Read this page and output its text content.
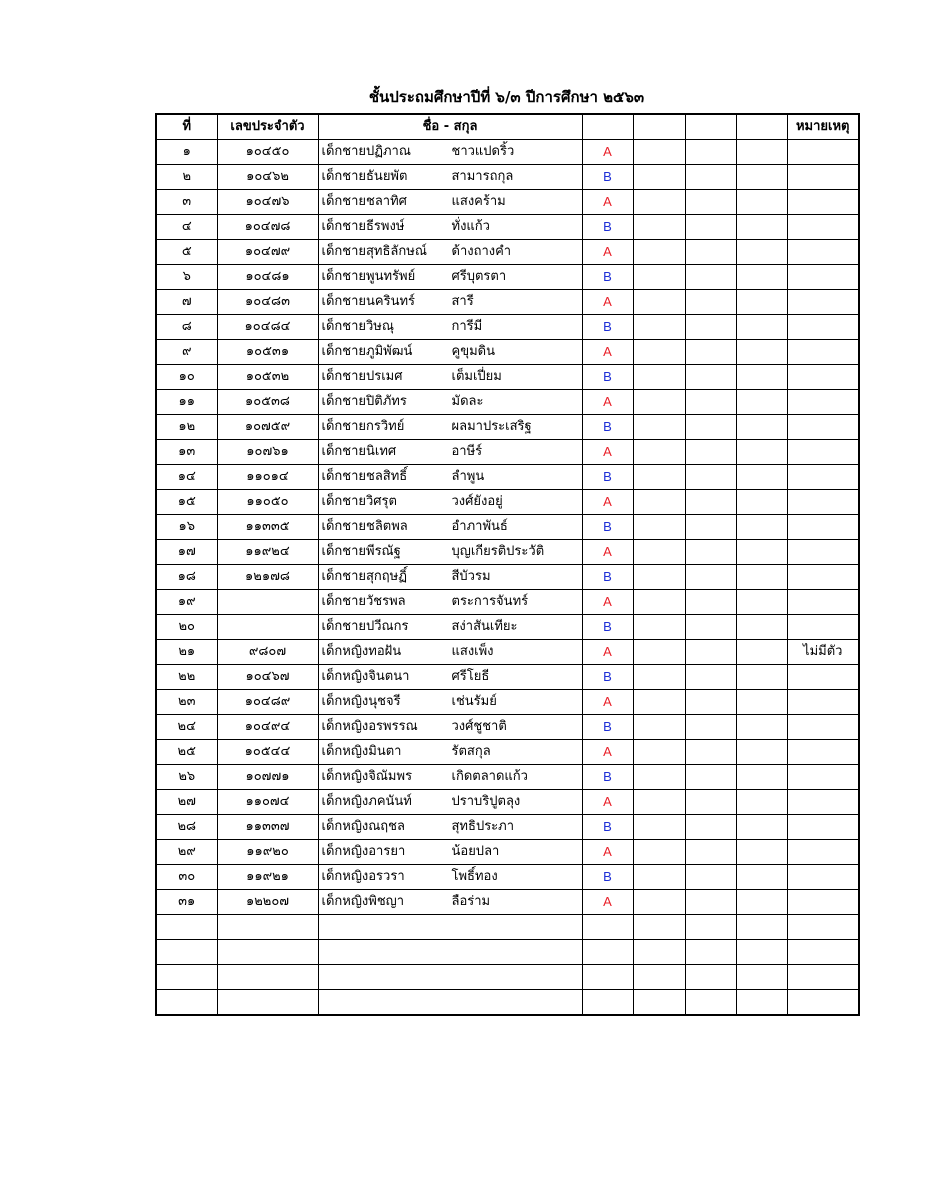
ชั้นประถมศึกษาปีที่ ๖/๓ ปีการศึกษา ๒๕๖๓
ที่	เลขประจำตัว	ชื่อ - สกุล					หมายเหตุ
๑	๑๐๔๕๐	เด็กชายปฏิภาณ ชาวแปดริ้ว	A				
๒	๑๐๔๖๒	เด็กชายธันยพัต สามารถกุล	B				
๓	๑๐๔๗๖	เด็กชายชลาทิศ แสงคร้าม	A				
๔	๑๐๔๗๘	เด็กชายธีรพงษ์ ทั่งแก้ว	B				
๕	๑๐๔๗๙	เด็กชายสุทธิลักษณ์ ด้างถางคำ	A				
๖	๑๐๔๘๑	เด็กชายพูนทรัพย์ ศรีบุตรตา	B				
๗	๑๐๔๘๓	เด็กชายนครินทร์ สารี	A				
๘	๑๐๔๘๔	เด็กชายวิษณุ การีมี	B				
๙	๑๐๕๓๑	เด็กชายภูมิพัฒน์ คูขุมดิน	A				
๑๐	๑๐๕๓๒	เด็กชายปรเมศ เต็มเปี่ยม	B				
๑๑	๑๐๕๓๘	เด็กชายปิติภัทร มัดละ	A				
๑๒	๑๐๗๕๙	เด็กชายกรวิทย์ ผลมาประเสริฐ	B				
๑๓	๑๐๗๖๑	เด็กชายนิเทศ อาษีร์	A				
๑๔	๑๑๐๑๔	เด็กชายชลสิทธิ์ ลำพูน	B				
๑๕	๑๑๐๕๐	เด็กชายวิศรุต วงศ์ยังอยู่	A				
๑๖	๑๑๓๓๕	เด็กชายชลิตพล อำภาพันธ์	B				
๑๗	๑๑๙๒๔	เด็กชายพีรณัฐ บุญเกียรติประวัติ	A				
๑๘	๑๒๑๗๘	เด็กชายสุกฤษฏิ์ สีบัวรม	B				
๑๙		เด็กชายวัชรพล ตระการจันทร์	A				
๒๐		เด็กชายปวีณกร สง่าสันเทียะ	B				
๒๑	๙๘๐๗	เด็กหญิงทอฝัน แสงเพ็ง	A				ไม่มีตัว
๒๒	๑๐๔๖๗	เด็กหญิงจินตนา ศรีโยธี	B				
๒๓	๑๐๔๘๙	เด็กหญิงนุชจรี เช่นรัมย์	A				
๒๔	๑๐๔๙๔	เด็กหญิงอรพรรณ วงศ์ชูชาติ	B				
๒๕	๑๐๕๔๔	เด็กหญิงมินตา รัตสกุล	A				
๒๖	๑๐๗๗๑	เด็กหญิงจิณัมพร เกิดตลาดแก้ว	B				
๒๗	๑๑๐๗๔	เด็กหญิงภคนันท์ ปราบริปูตลุง	A				
๒๘	๑๑๓๓๗	เด็กหญิงณฤชล สุทธิประภา	B				
๒๙	๑๑๙๒๐	เด็กหญิงอารยา น้อยปลา	A				
๓๐	๑๑๙๒๑	เด็กหญิงอรวรา โพธิ์ทอง	B				
๓๑	๑๒๒๐๗	เด็กหญิงพิชญา ลือร่าม	A				
